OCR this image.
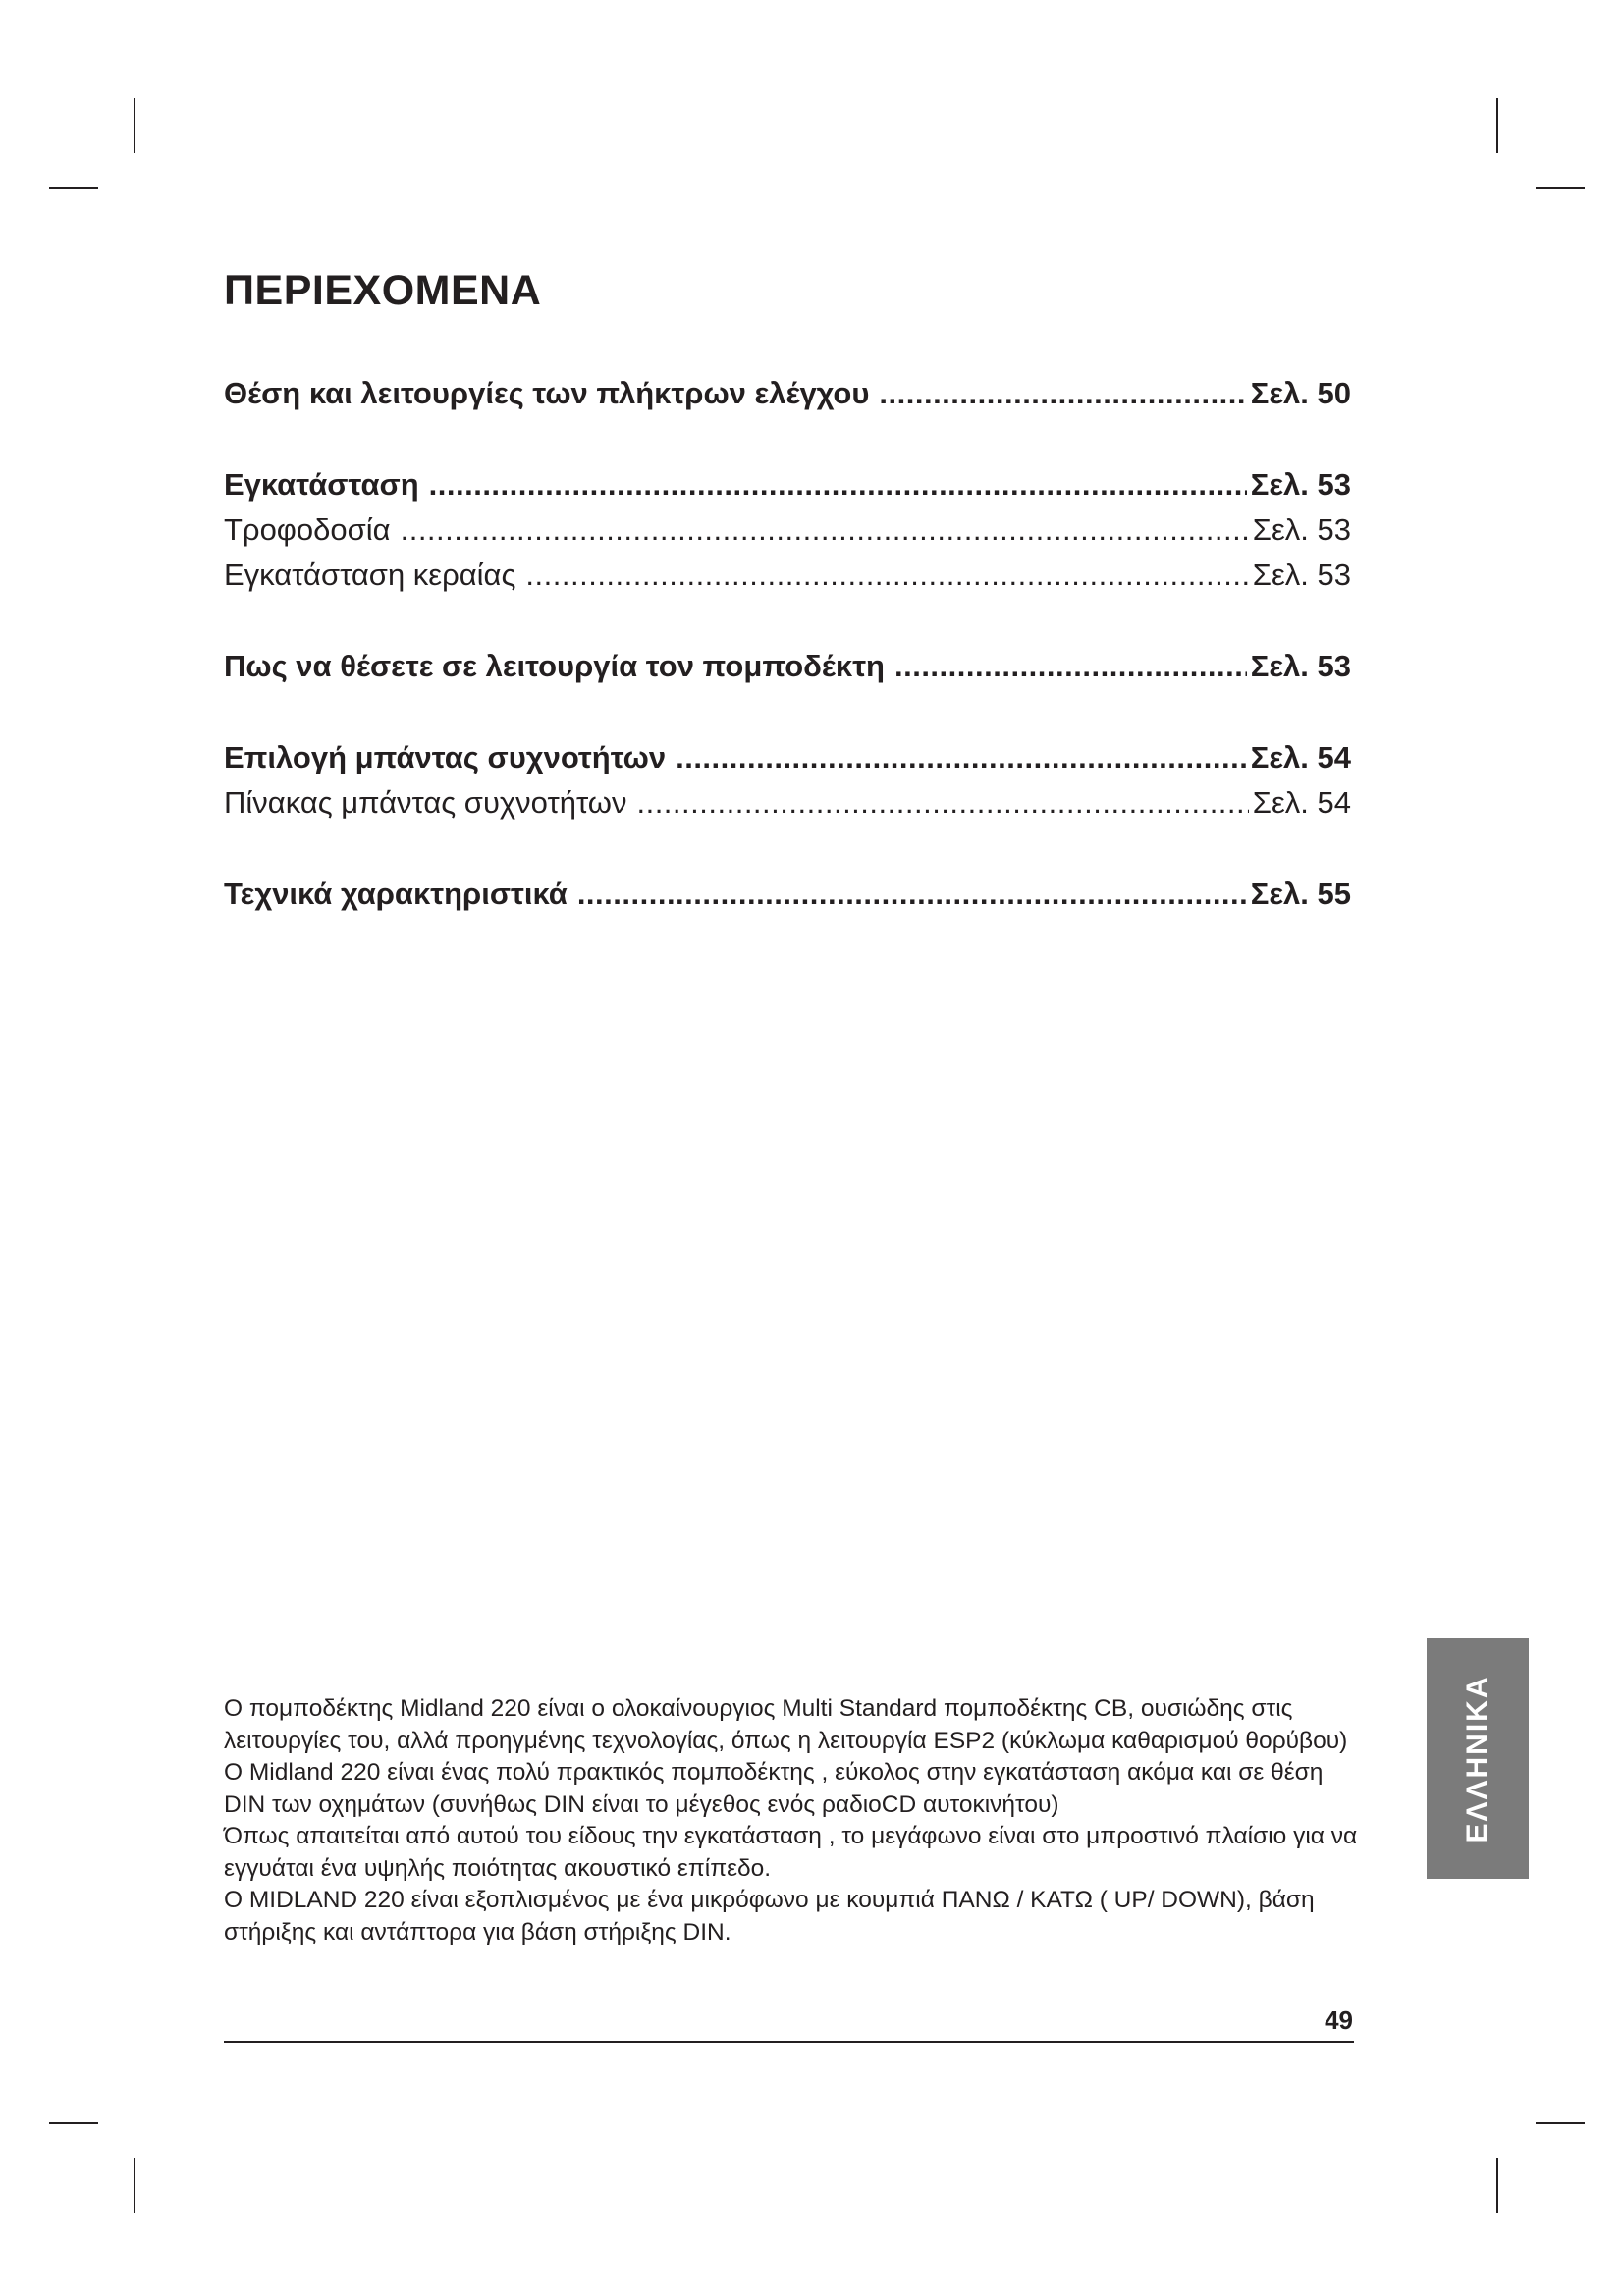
ΠΕΡΙΕΧΟΜΕΝΑ
Θέση και λειτουργίες των πλήκτρων ελέγχου .....	Σελ. 50
Εγκατάσταση .....	Σελ. 53
Τροφοδοσία .....	Σελ. 53
Εγκατάσταση κεραίας .....	Σελ. 53
Πως να θέσετε σε λειτουργία τον πομποδέκτη .....	Σελ. 53
Επιλογή μπάντας συχνοτήτων .....	Σελ. 54
Πίνακας μπάντας συχνοτήτων .....	Σελ. 54
Τεχνικά χαρακτηριστικά .....	Σελ. 55
ΕΛΛΗΝΙΚΑ

Ο πομποδέκτης Midland 220 είναι ο ολοκαίνουργιος Multi Standard πομποδέκτης CB, ουσιώδης στις λειτουργίες του, αλλά προηγμένης τεχνολογίας, όπως η λειτουργία ESP2 (κύκλωμα καθαρισμού θορύβου)

Ο Midland 220 είναι ένας πολύ πρακτικός πομποδέκτης , εύκολος στην εγκατάσταση ακόμα και σε θέση DIN των οχημάτων (συνήθως DIN είναι το μέγεθος ενός ραδιοCD αυτοκινήτου)

Όπως απαιτείται από αυτού του είδους την εγκατάσταση , το μεγάφωνο είναι στο μπροστινό πλαίσιο για να εγγυάται ένα υψηλής ποιότητας ακουστικό επίπεδο.

Ο MIDLAND 220 είναι εξοπλισμένος με ένα μικρόφωνο με κουμπιά ΠΑΝΩ / ΚΑΤΩ ( UP/ DOWN), βάση στήριξης και αντάπτορα για βάση στήριξης DIN.

49
